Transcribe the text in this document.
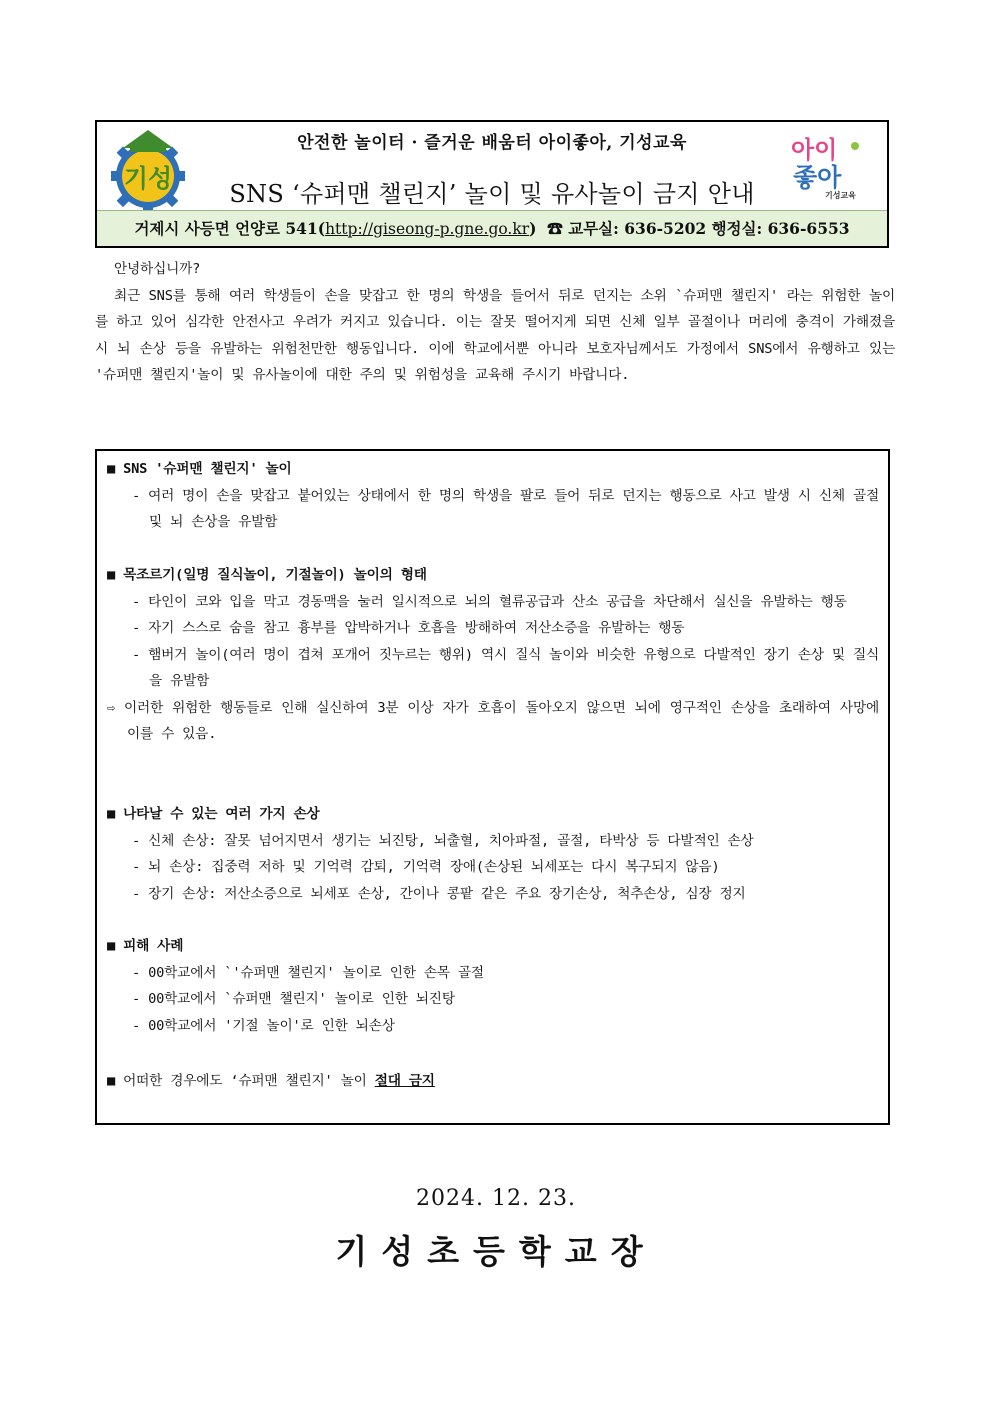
기성
안전한 놀이터 · 즐거운 배움터 아이좋아, 기성교육
SNS ‘슈퍼맨 챌린지’ 놀이 및 유사놀이 금지 안내
아이
좋아
기성교육
거제시 사등면 언양로 541(http://giseong-p.gne.go.kr) ☎ 교무실: 636-5202 행정실: 636-6553

안녕하십니까?

최근 SNS를 통해 여러 학생들이 손을 맞잡고 한 명의 학생을 들어서 뒤로 던지는 소위 `슈퍼맨 챌린지' 라는 위험한 놀이를 하고 있어 심각한 안전사고 우려가 커지고 있습니다. 이는 잘못 떨어지게 되면 신체 일부 골절이나 머리에 충격이 가해졌을 시 뇌 손상 등을 유발하는 위험천만한 행동입니다. 이에 학교에서뿐 아니라 보호자님께서도 가정에서 SNS에서 유행하고 있는 '슈퍼맨 챌린지'놀이 및 유사놀이에 대한 주의 및 위험성을 교육해 주시기 바랍니다.

■ SNS '슈퍼맨 챌린지' 놀이
- 여러 명이 손을 맞잡고 붙어있는 상태에서 한 명의 학생을 팔로 들어 뒤로 던지는 행동으로 사고 발생 시 신체 골절 및 뇌 손상을 유발함
■ 목조르기(일명 질식놀이, 기절놀이) 놀이의 형태
- 타인이 코와 입을 막고 경동맥을 눌러 일시적으로 뇌의 혈류공급과 산소 공급을 차단해서 실신을 유발하는 행동
- 자기 스스로 숨을 참고 흉부를 압박하거나 호흡을 방해하여 저산소증을 유발하는 행동
- 햄버거 놀이(여러 명이 겹쳐 포개어 짓누르는 행위) 역시 질식 놀이와 비슷한 유형으로 다발적인 장기 손상 및 질식을 유발함
⇨ 이러한 위험한 행동들로 인해 실신하여 3분 이상 자가 호흡이 돌아오지 않으면 뇌에 영구적인 손상을 초래하여 사망에 이를 수 있음.
■ 나타날 수 있는 여러 가지 손상
- 신체 손상: 잘못 넘어지면서 생기는 뇌진탕, 뇌출혈, 치아파절, 골절, 타박상 등 다발적인 손상
- 뇌 손상: 집중력 저하 및 기억력 감퇴, 기억력 장애(손상된 뇌세포는 다시 복구되지 않음)
- 장기 손상: 저산소증으로 뇌세포 손상, 간이나 콩팥 같은 주요 장기손상, 척추손상, 심장 정지
■ 피해 사례
- 00학교에서 `'슈퍼맨 챌린지' 놀이로 인한 손목 골절
- 00학교에서 `슈퍼맨 챌린지' 놀이로 인한 뇌진탕
- 00학교에서 '기절 놀이'로 인한 뇌손상
■ 어떠한 경우에도 ‘슈퍼맨 챌린지' 놀이 절대 금지
2024. 12. 23.
기성초등학교장
